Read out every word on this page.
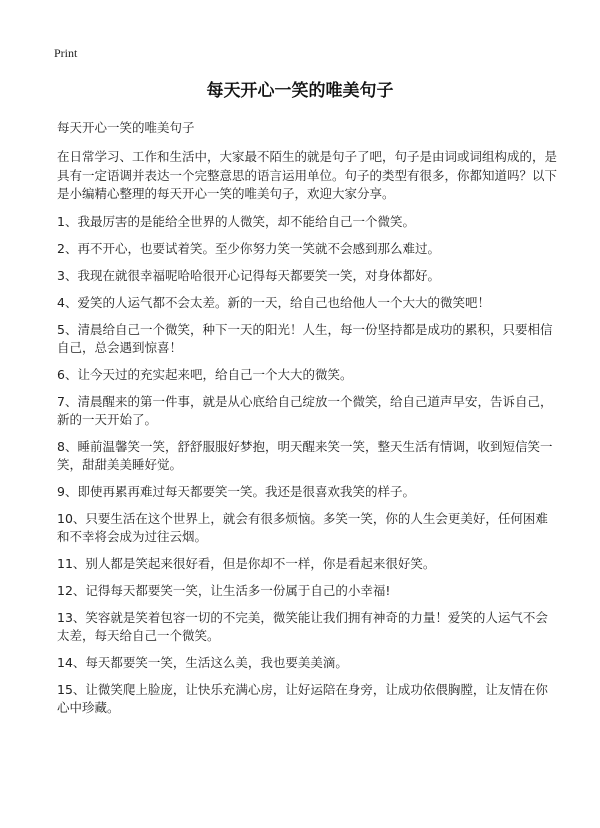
Print
每天开心一笑的唯美句子

每天开心一笑的唯美句子

在日常学习、工作和生活中，大家最不陌生的就是句子了吧，句子是由词或词组构成的，是具有一定语调并表达一个完整意思的语言运用单位。句子的类型有很多，你都知道吗？以下是小编精心整理的每天开心一笑的唯美句子，欢迎大家分享。

1、我最厉害的是能给全世界的人微笑，却不能给自己一个微笑。

2、再不开心，也要试着笑。至少你努力笑一笑就不会感到那么难过。

3、我现在就很幸福呢哈哈很开心记得每天都要笑一笑，对身体都好。

4、爱笑的人运气都不会太差。新的一天，给自己也给他人一个大大的微笑吧！

5、清晨给自己一个微笑，种下一天的阳光！人生，每一份坚持都是成功的累积，只要相信自己，总会遇到惊喜！

6、让今天过的充实起来吧，给自己一个大大的微笑。

7、清晨醒来的第一件事，就是从心底给自己绽放一个微笑，给自己道声早安，告诉自己，新的一天开始了。

8、睡前温馨笑一笑，舒舒服服好梦抱，明天醒来笑一笑，整天生活有情调，收到短信笑一笑，甜甜美美睡好觉。

9、即使再累再难过每天都要笑一笑。我还是很喜欢我笑的样子。

10、只要生活在这个世界上，就会有很多烦恼。多笑一笑，你的人生会更美好，任何困难和不幸将会成为过往云烟。

11、别人都是笑起来很好看，但是你却不一样，你是看起来很好笑。

12、记得每天都要笑一笑，让生活多一份属于自己的小幸福!

13、笑容就是笑着包容一切的不完美，微笑能让我们拥有神奇的力量！爱笑的人运气不会太差，每天给自己一个微笑。

14、每天都要笑一笑，生活这么美，我也要美美滴。

15、让微笑爬上脸庞，让快乐充满心房，让好运陪在身旁，让成功依偎胸膛，让友情在你心中珍藏。
